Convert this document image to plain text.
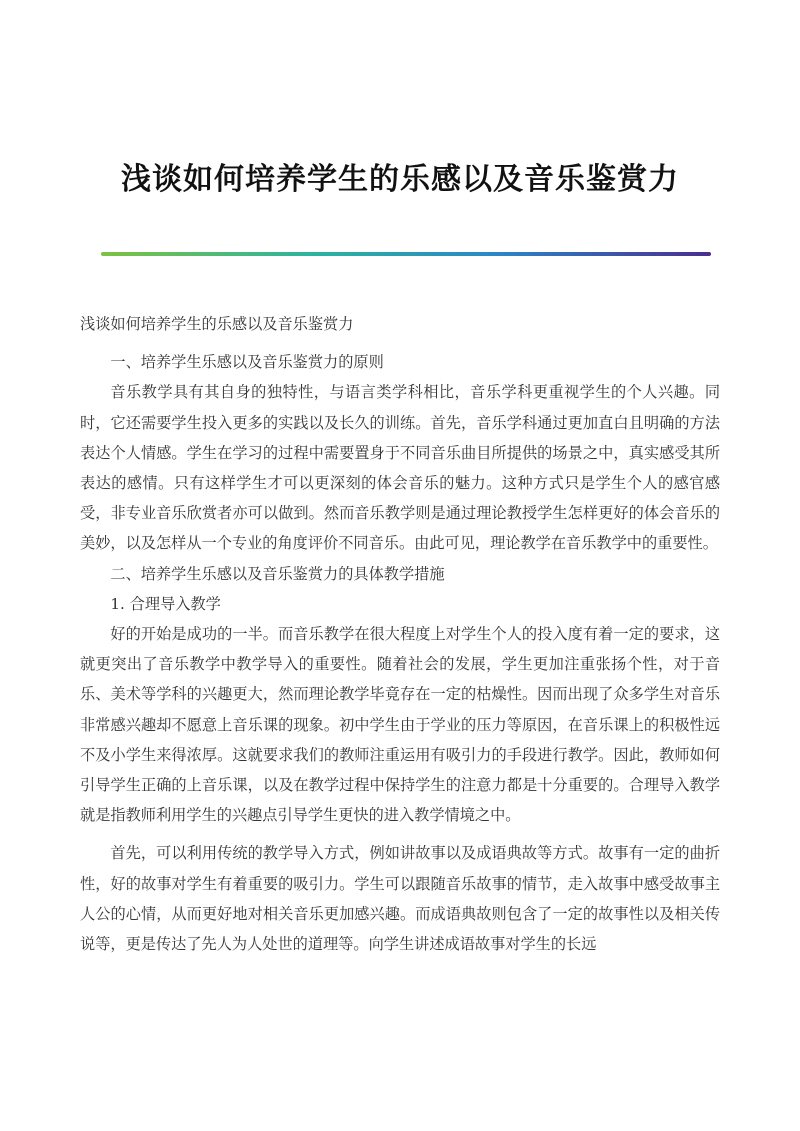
浅谈如何培养学生的乐感以及音乐鉴赏力

浅谈如何培养学生的乐感以及音乐鉴赏力

一、培养学生乐感以及音乐鉴赏力的原则

音乐教学具有其自身的独特性，与语言类学科相比，音乐学科更重视学生的个人兴趣。同时，它还需要学生投入更多的实践以及长久的训练。首先，音乐学科通过更加直白且明确的方法表达个人情感。学生在学习的过程中需要置身于不同音乐曲目所提供的场景之中，真实感受其所表达的感情。只有这样学生才可以更深刻的体会音乐的魅力。这种方式只是学生个人的感官感受，非专业音乐欣赏者亦可以做到。然而音乐教学则是通过理论教授学生怎样更好的体会音乐的美妙，以及怎样从一个专业的角度评价不同音乐。由此可见，理论教学在音乐教学中的重要性。

二、培养学生乐感以及音乐鉴赏力的具体教学措施

1. 合理导入教学

好的开始是成功的一半。而音乐教学在很大程度上对学生个人的投入度有着一定的要求，这就更突出了音乐教学中教学导入的重要性。随着社会的发展，学生更加注重张扬个性，对于音乐、美术等学科的兴趣更大，然而理论教学毕竟存在一定的枯燥性。因而出现了众多学生对音乐非常感兴趣却不愿意上音乐课的现象。初中学生由于学业的压力等原因，在音乐课上的积极性远不及小学生来得浓厚。这就要求我们的教师注重运用有吸引力的手段进行教学。因此，教师如何引导学生正确的上音乐课，以及在教学过程中保持学生的注意力都是十分重要的。合理导入教学就是指教师利用学生的兴趣点引导学生更快的进入教学情境之中。

首先，可以利用传统的教学导入方式，例如讲故事以及成语典故等方式。故事有一定的曲折性，好的故事对学生有着重要的吸引力。学生可以跟随音乐故事的情节，走入故事中感受故事主人公的心情，从而更好地对相关音乐更加感兴趣。而成语典故则包含了一定的故事性以及相关传说等，更是传达了先人为人处世的道理等。向学生讲述成语故事对学生的长远
